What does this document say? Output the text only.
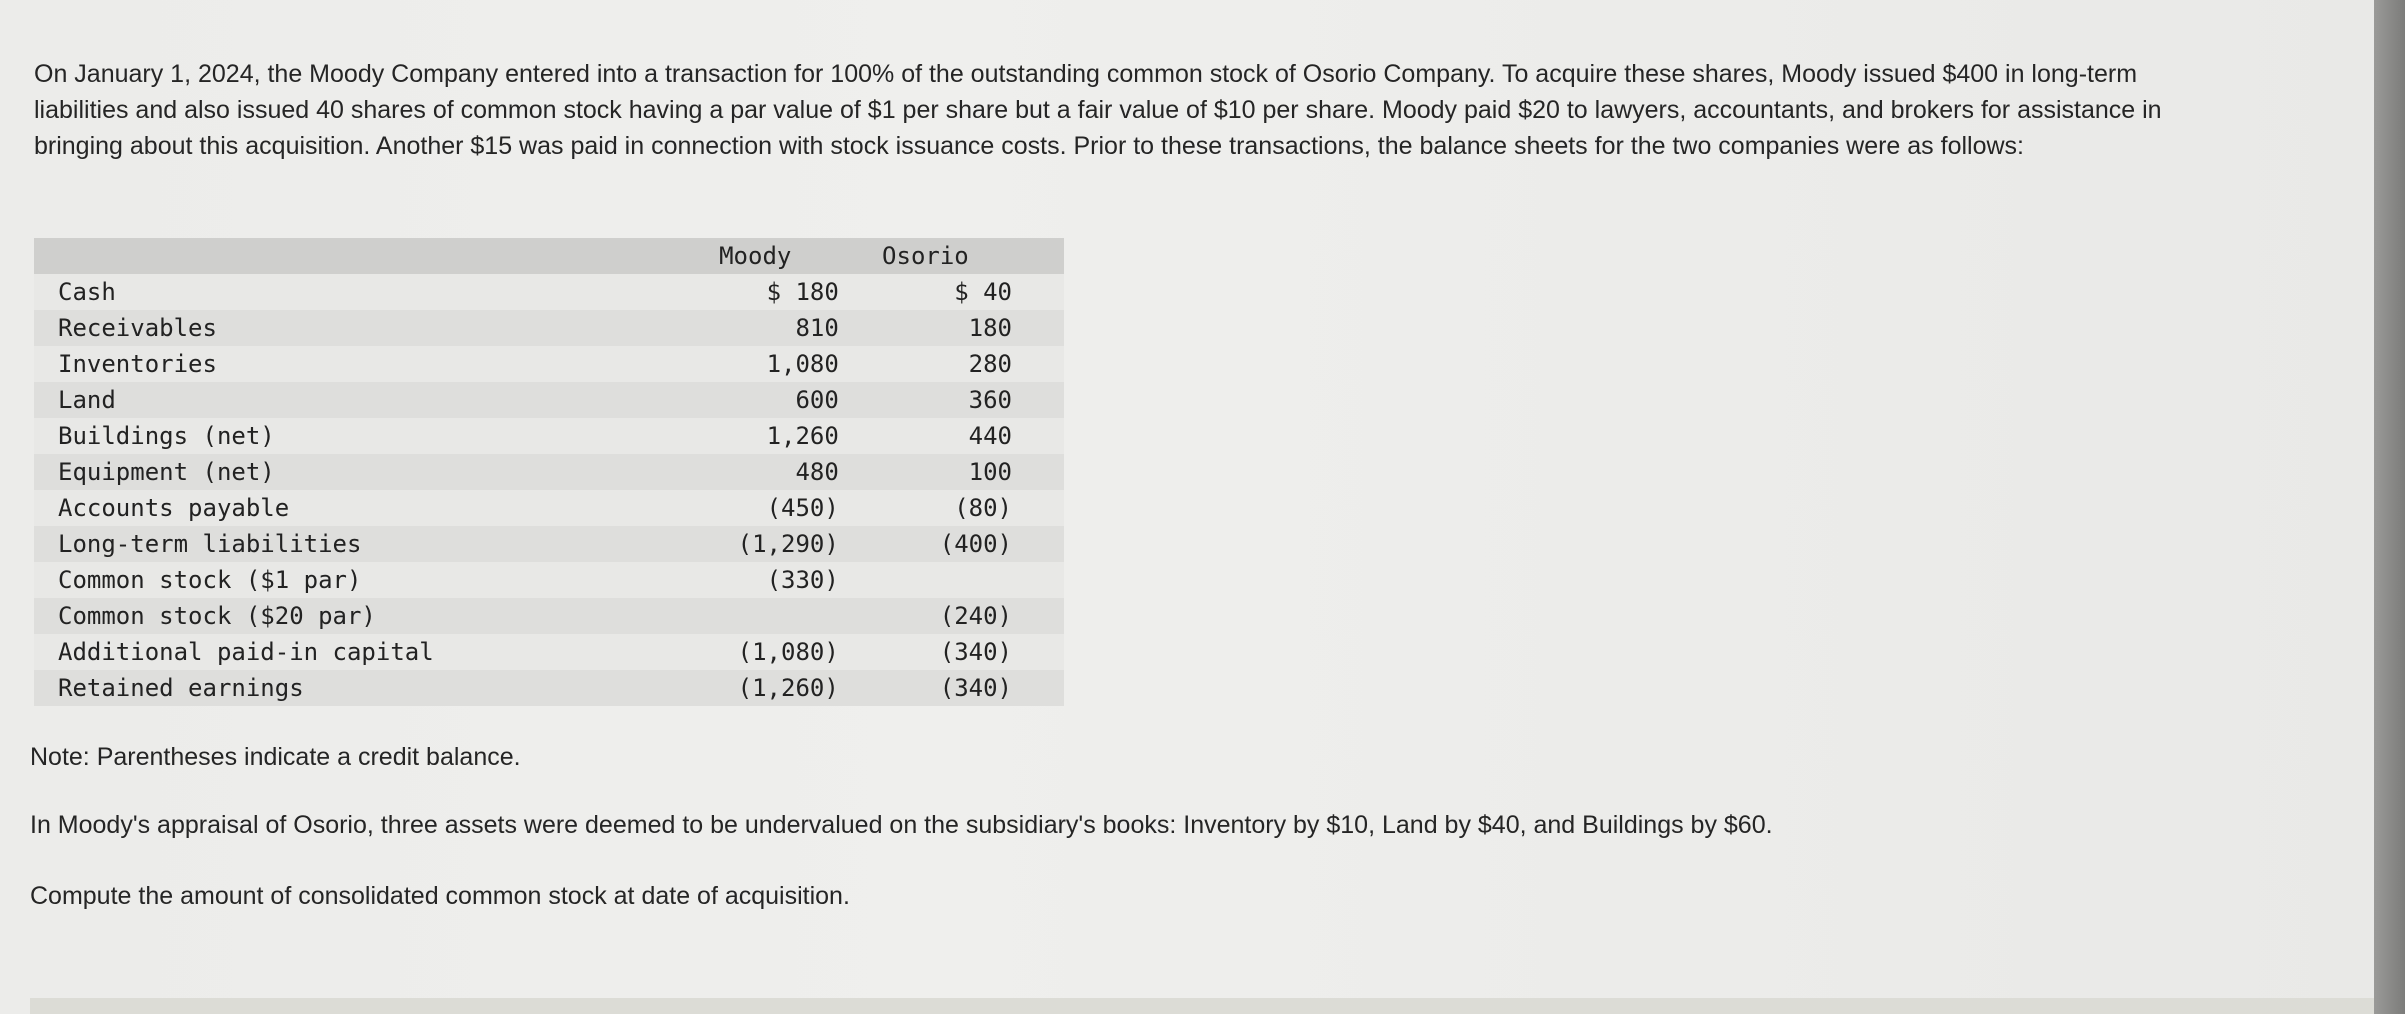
On January 1, 2024, the Moody Company entered into a transaction for 100% of the outstanding common stock of Osorio Company. To acquire these shares, Moody issued $400 in long-term liabilities and also issued 40 shares of common stock having a par value of $1 per share but a fair value of $10 per share. Moody paid $20 to lawyers, accountants, and brokers for assistance in bringing about this acquisition. Another $15 was paid in connection with stock issuance costs. Prior to these transactions, the balance sheets for the two companies were as follows:

	Moody	Osorio
Cash	$ 180	$ 40
Receivables	810	180
Inventories	1,080	280
Land	600	360
Buildings (net)	1,260	440
Equipment (net)	480	100
Accounts payable	(450)	(80)
Long-term liabilities	(1,290)	(400)
Common stock ($1 par)	(330)	
Common stock ($20 par)		(240)
Additional paid-in capital	(1,080)	(340)
Retained earnings	(1,260)	(340)

Note: Parentheses indicate a credit balance.

In Moody's appraisal of Osorio, three assets were deemed to be undervalued on the subsidiary's books: Inventory by $10, Land by $40, and Buildings by $60.

Compute the amount of consolidated common stock at date of acquisition.
